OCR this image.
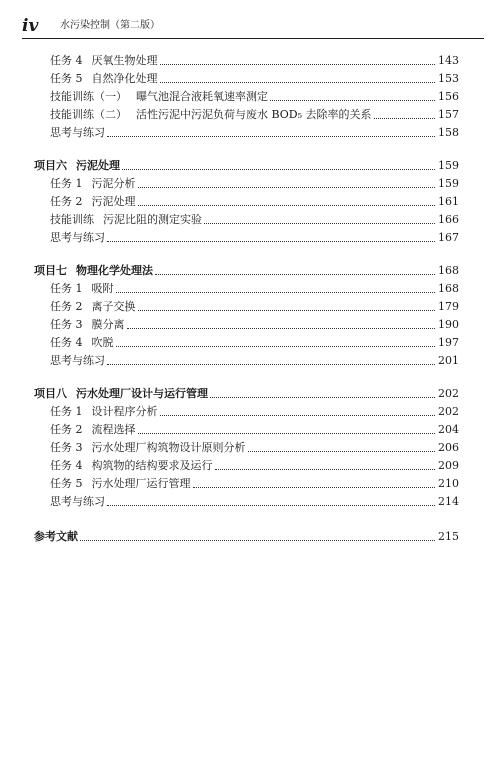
iv 水污染控制（第二版）
任务 4 厌氧生物处理	143
任务 5 自然净化处理	153
技能训练（一） 曝气池混合液耗氧速率测定	156
技能训练（二） 活性污泥中污泥负荷与废水 BOD₅ 去除率的关系	157
思考与练习	158
项目六 污泥处理	159
任务 1 污泥分析	159
任务 2 污泥处理	161
技能训练 污泥比阻的测定实验	166
思考与练习	167
项目七 物理化学处理法	168
任务 1 吸附	168
任务 2 离子交换	179
任务 3 膜分离	190
任务 4 吹脱	197
思考与练习	201
项目八 污水处理厂设计与运行管理	202
任务 1 设计程序分析	202
任务 2 流程选择	204
任务 3 污水处理厂构筑物设计原则分析	206
任务 4 构筑物的结构要求及运行	209
任务 5 污水处理厂运行管理	210
思考与练习	214
参考文献	215
